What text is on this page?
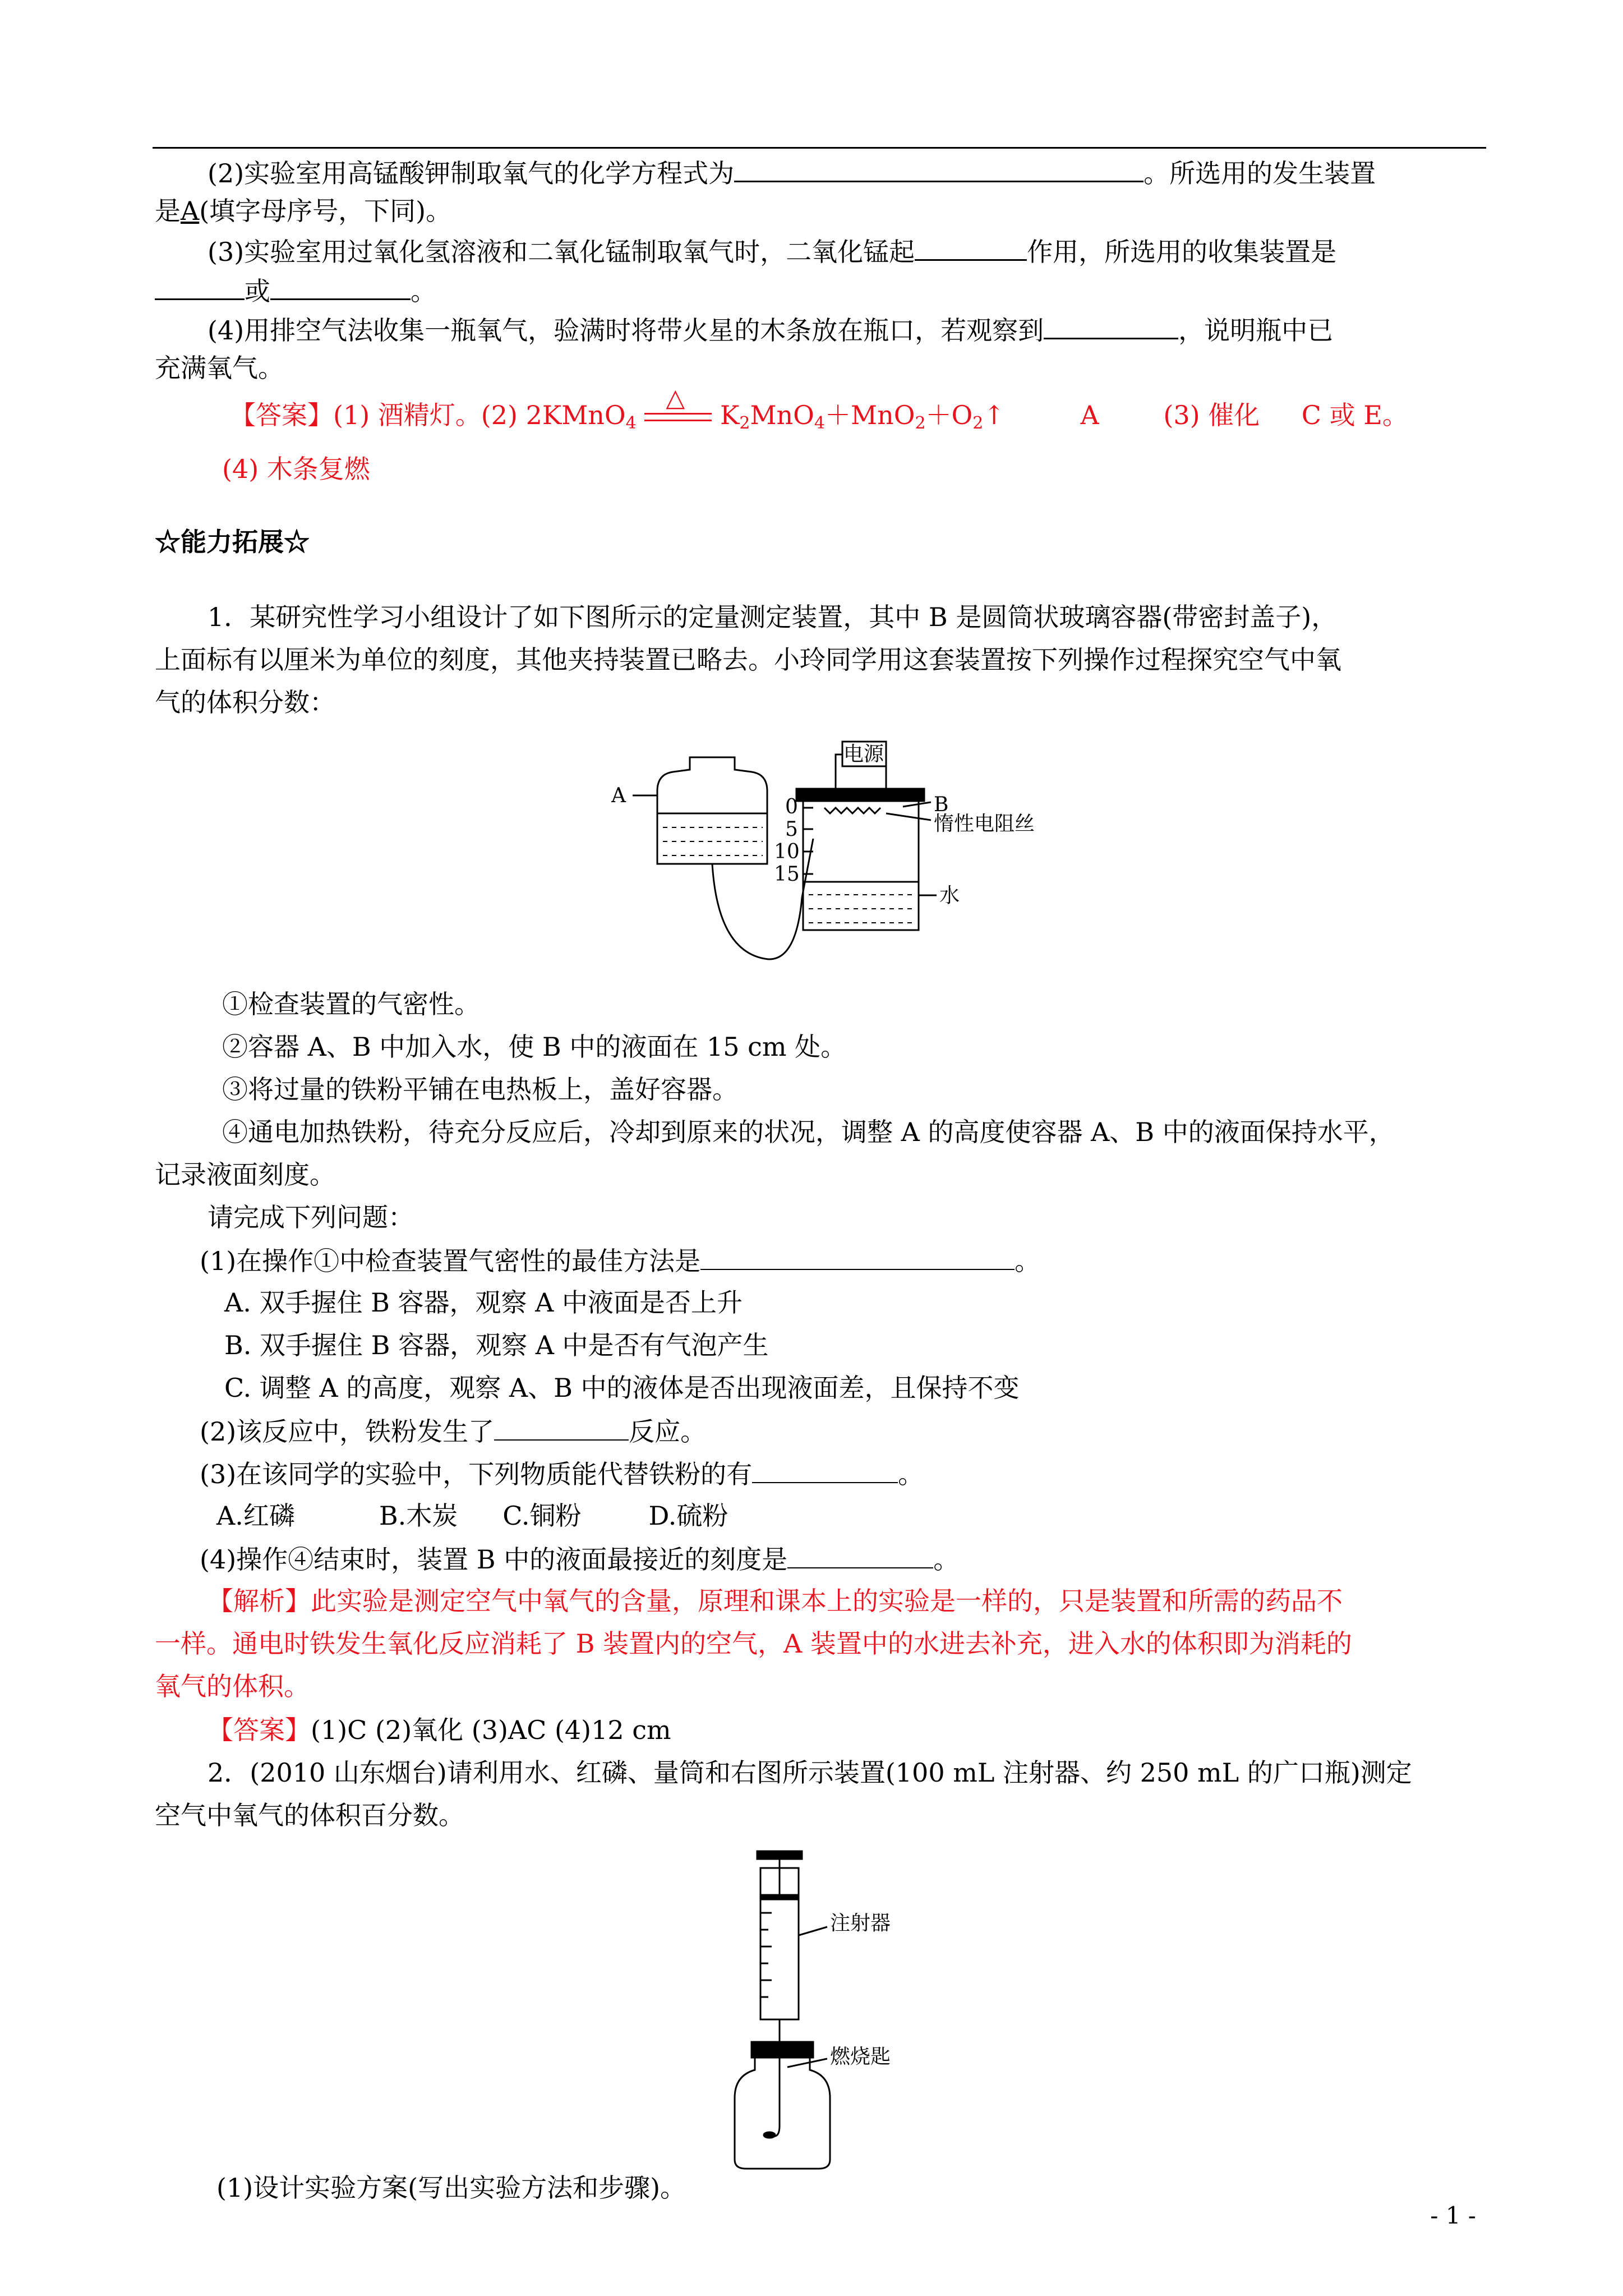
(2)实验室用高锰酸钾制取氧气的化学方程式为	。所选用的发生装置
是A(填字母序号，下同)。
(3)实验室用过氧化氢溶液和二氧化锰制取氧气时，二氧化锰起	作用，所选用的收集装置是
或	。
(4)用排空气法收集一瓶氧气，验满时将带火星的木条放在瓶口，若观察到	，说明瓶中已
充满氧气。
【答案】(1) 酒精灯。(2) 2KMnO$_4$
△
$K_2MnO_4+MnO_2+O_2↑$	A (3) 催化 C 或 E。
(4) 木条复燃
☆能力拓展☆
1．某研究性学习小组设计了如下图所示的定量测定装置，其中 B 是圆筒状玻璃容器(带密封盖子)，
上面标有以厘米为单位的刻度，其他夹持装置已略去。小玲同学用这套装置按下列操作过程探究空气中氧
气的体积分数：
A
电源
B
惰性电阻丝
水
0
5
10
15
①检查装置的气密性。
②容器 A、B 中加入水，使 B 中的液面在 15 cm 处。
③将过量的铁粉平铺在电热板上，盖好容器。
④通电加热铁粉，待充分反应后，冷却到原来的状况，调整 A 的高度使容器 A、B 中的液面保持水平，
记录液面刻度。
请完成下列问题：
(1)在操作①中检查装置气密性的最佳方法是	。
A. 双手握住 B 容器，观察 A 中液面是否上升
B. 双手握住 B 容器，观察 A 中是否有气泡产生
C. 调整 A 的高度，观察 A、B 中的液体是否出现液面差，且保持不变
(2)该反应中，铁粉发生了	反应。
(3)在该同学的实验中，下列物质能代替铁粉的有	。
A.红磷	B.木炭 C.铜粉	D.硫粉
(4)操作④结束时，装置 B 中的液面最接近的刻度是	。
【解析】此实验是测定空气中氧气的含量，原理和课本上的实验是一样的，只是装置和所需的药品不
一样。通电时铁发生氧化反应消耗了 B 装置内的空气，A 装置中的水进去补充，进入水的体积即为消耗的
氧气的体积。
【答案】(1)C (2)氧化 (3)AC (4)12 cm
2．(2010 山东烟台)请利用水、红磷、量筒和右图所示装置(100 mL 注射器、约 250 mL 的广口瓶)测定
空气中氧气的体积百分数。
注射器
燃烧匙
(1)设计实验方案(写出实验方法和步骤)。
- 1 -
